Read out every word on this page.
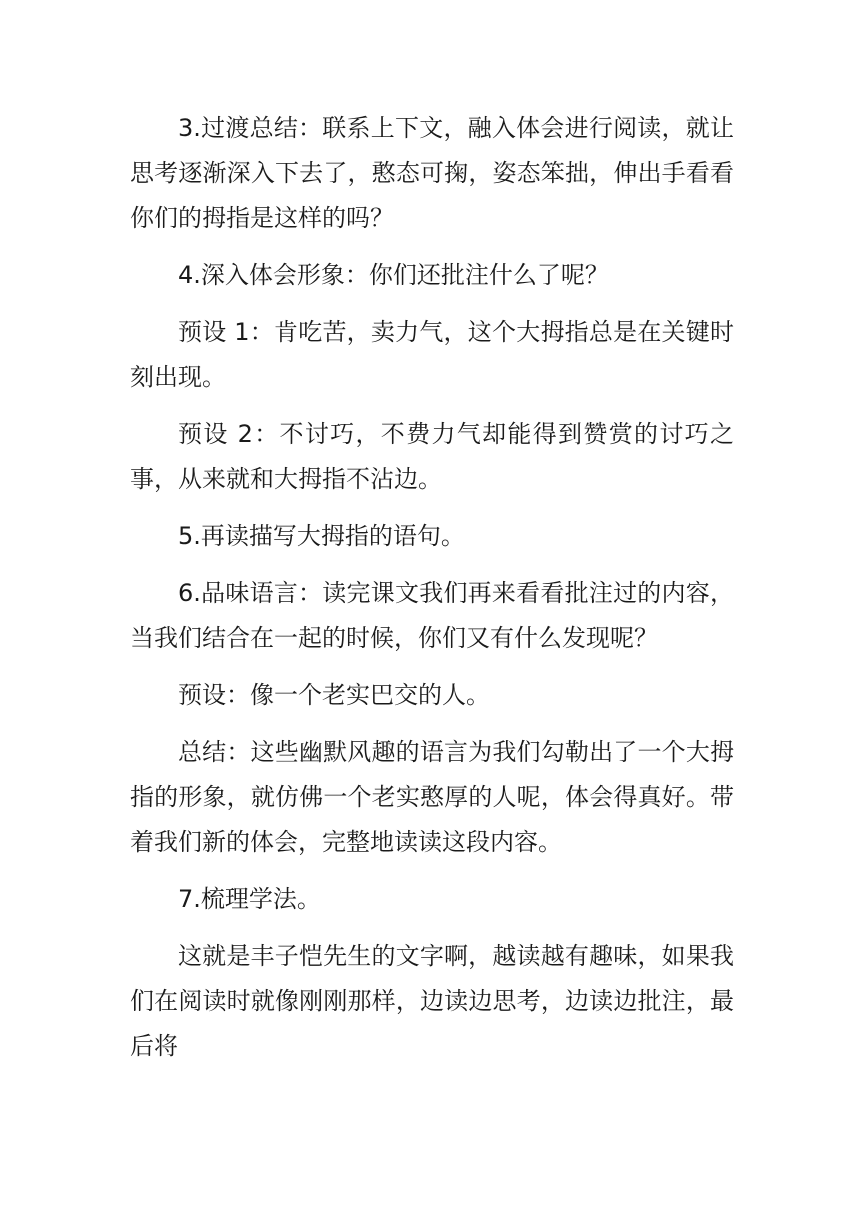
3.过渡总结：联系上下文，融入体会进行阅读，就让思考逐渐深入下去了，憨态可掬，姿态笨拙，伸出手看看你们的拇指是这样的吗？

4.深入体会形象：你们还批注什么了呢？

预设 1：肯吃苦，卖力气，这个大拇指总是在关键时刻出现。

预设 2：不讨巧，不费力气却能得到赞赏的讨巧之事，从来就和大拇指不沾边。

5.再读描写大拇指的语句。

6.品味语言：读完课文我们再来看看批注过的内容，当我们结合在一起的时候，你们又有什么发现呢？

预设：像一个老实巴交的人。

总结：这些幽默风趣的语言为我们勾勒出了一个大拇指的形象，就仿佛一个老实憨厚的人呢，体会得真好。带着我们新的体会，完整地读读这段内容。

7.梳理学法。

这就是丰子恺先生的文字啊，越读越有趣味，如果我们在阅读时就像刚刚那样，边读边思考，边读边批注，最后将
